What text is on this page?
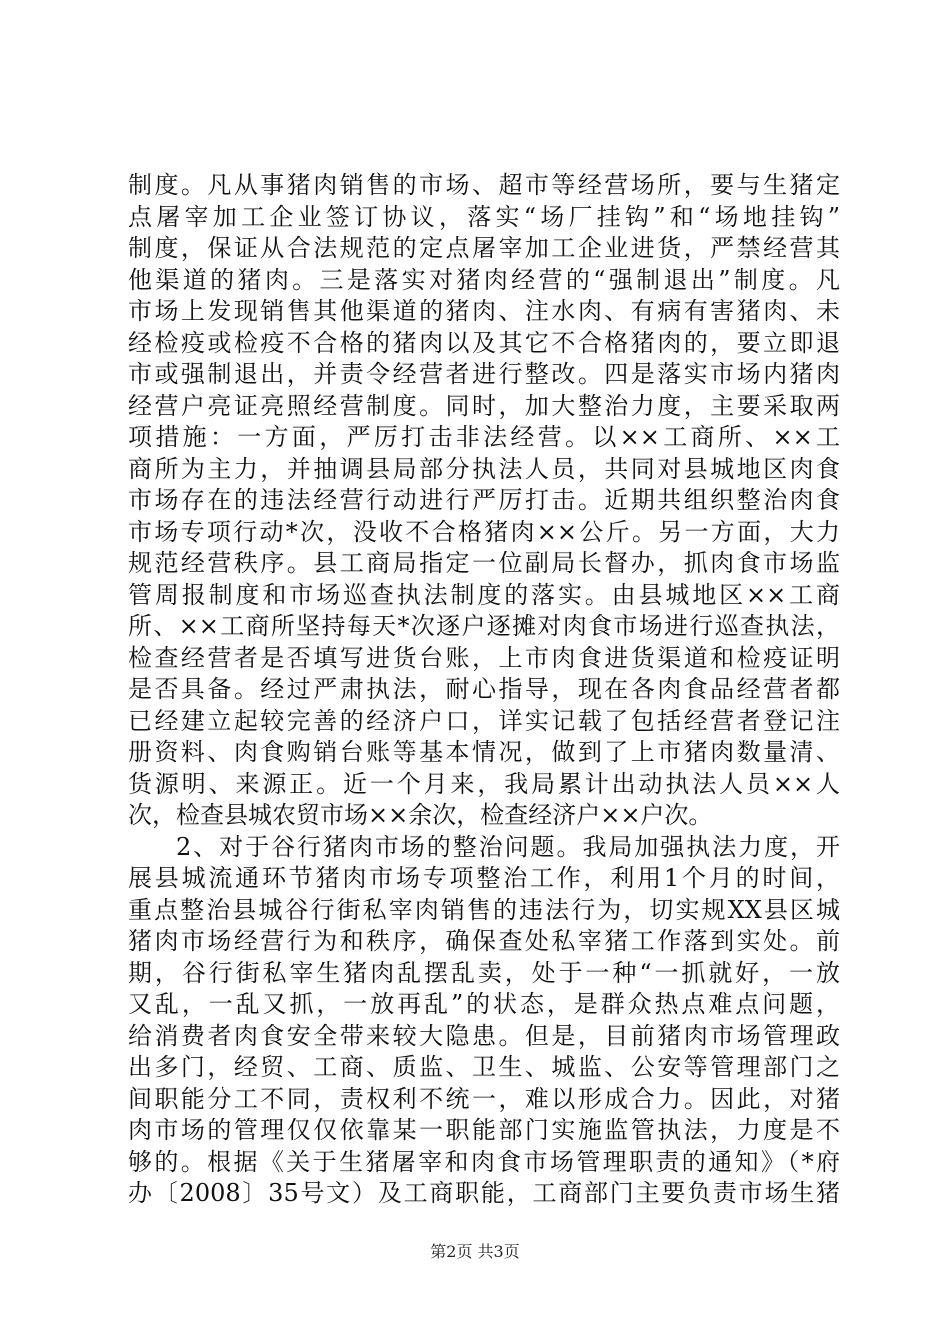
制度。凡从事猪肉销售的市场、超市等经营场所，要与生猪定
点屠宰加工企业签订协议，落实“场厂挂钩”和“场地挂钩”
制度，保证从合法规范的定点屠宰加工企业进货，严禁经营其
他渠道的猪肉。三是落实对猪肉经营的“强制退出”制度。凡
市场上发现销售其他渠道的猪肉、注水肉、有病有害猪肉、未
经检疫或检疫不合格的猪肉以及其它不合格猪肉的，要立即退
市或强制退出，并责令经营者进行整改。四是落实市场内猪肉
经营户亮证亮照经营制度。同时，加大整治力度，主要采取两
项措施：一方面，严厉打击非法经营。以××工商所、××工
商所为主力，并抽调县局部分执法人员，共同对县城地区肉食
市场存在的违法经营行动进行严厉打击。近期共组织整治肉食
市场专项行动*次，没收不合格猪肉××公斤。另一方面，大力
规范经营秩序。县工商局指定一位副局长督办，抓肉食市场监
管周报制度和市场巡查执法制度的落实。由县城地区××工商
所、××工商所坚持每天*次逐户逐摊对肉食市场进行巡查执法，
检查经营者是否填写进货台账，上市肉食进货渠道和检疫证明
是否具备。经过严肃执法，耐心指导，现在各肉食品经营者都
已经建立起较完善的经济户口，详实记载了包括经营者登记注
册资料、肉食购销台账等基本情况，做到了上市猪肉数量清、
货源明、来源正。近一个月来，我局累计出动执法人员××人
次，检查县城农贸市场××余次，检查经济户××户次。
2、对于谷行猪肉市场的整治问题。我局加强执法力度，开
展县城流通环节猪肉市场专项整治工作，利用1个月的时间，
重点整治县城谷行街私宰肉销售的违法行为，切实规XX县区城
猪肉市场经营行为和秩序，确保查处私宰猪工作落到实处。前
期，谷行街私宰生猪肉乱摆乱卖，处于一种“一抓就好，一放
又乱，一乱又抓，一放再乱”的状态，是群众热点难点问题，
给消费者肉食安全带来较大隐患。但是，目前猪肉市场管理政
出多门，经贸、工商、质监、卫生、城监、公安等管理部门之
间职能分工不同，责权利不统一，难以形成合力。因此，对猪
肉市场的管理仅仅依靠某一职能部门实施监管执法，力度是不
够的。根据《关于生猪屠宰和肉食市场管理职责的通知》（*府
办〔2008〕35号文）及工商职能，工商部门主要负责市场生猪
第2页 共3页
